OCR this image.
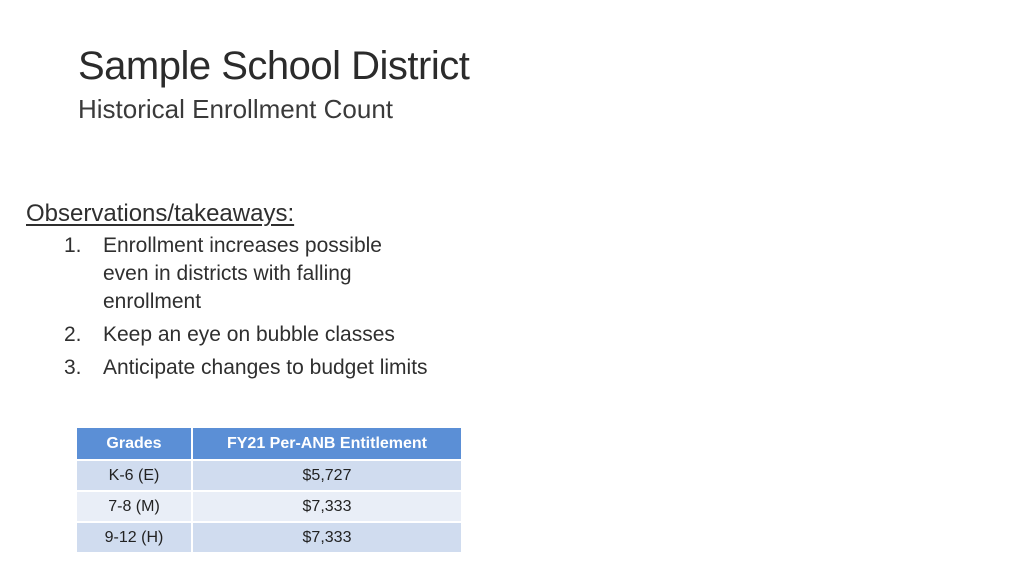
Sample School District
Historical Enrollment Count
Observations/takeaways:
1. Enrollment increases possible even in districts with falling enrollment
2. Keep an eye on bubble classes
3. Anticipate changes to budget limits
Grades	FY21 Per-ANB Entitlement
K-6 (E)	$5,727
7-8 (M)	$7,333
9-12 (H)	$7,333
